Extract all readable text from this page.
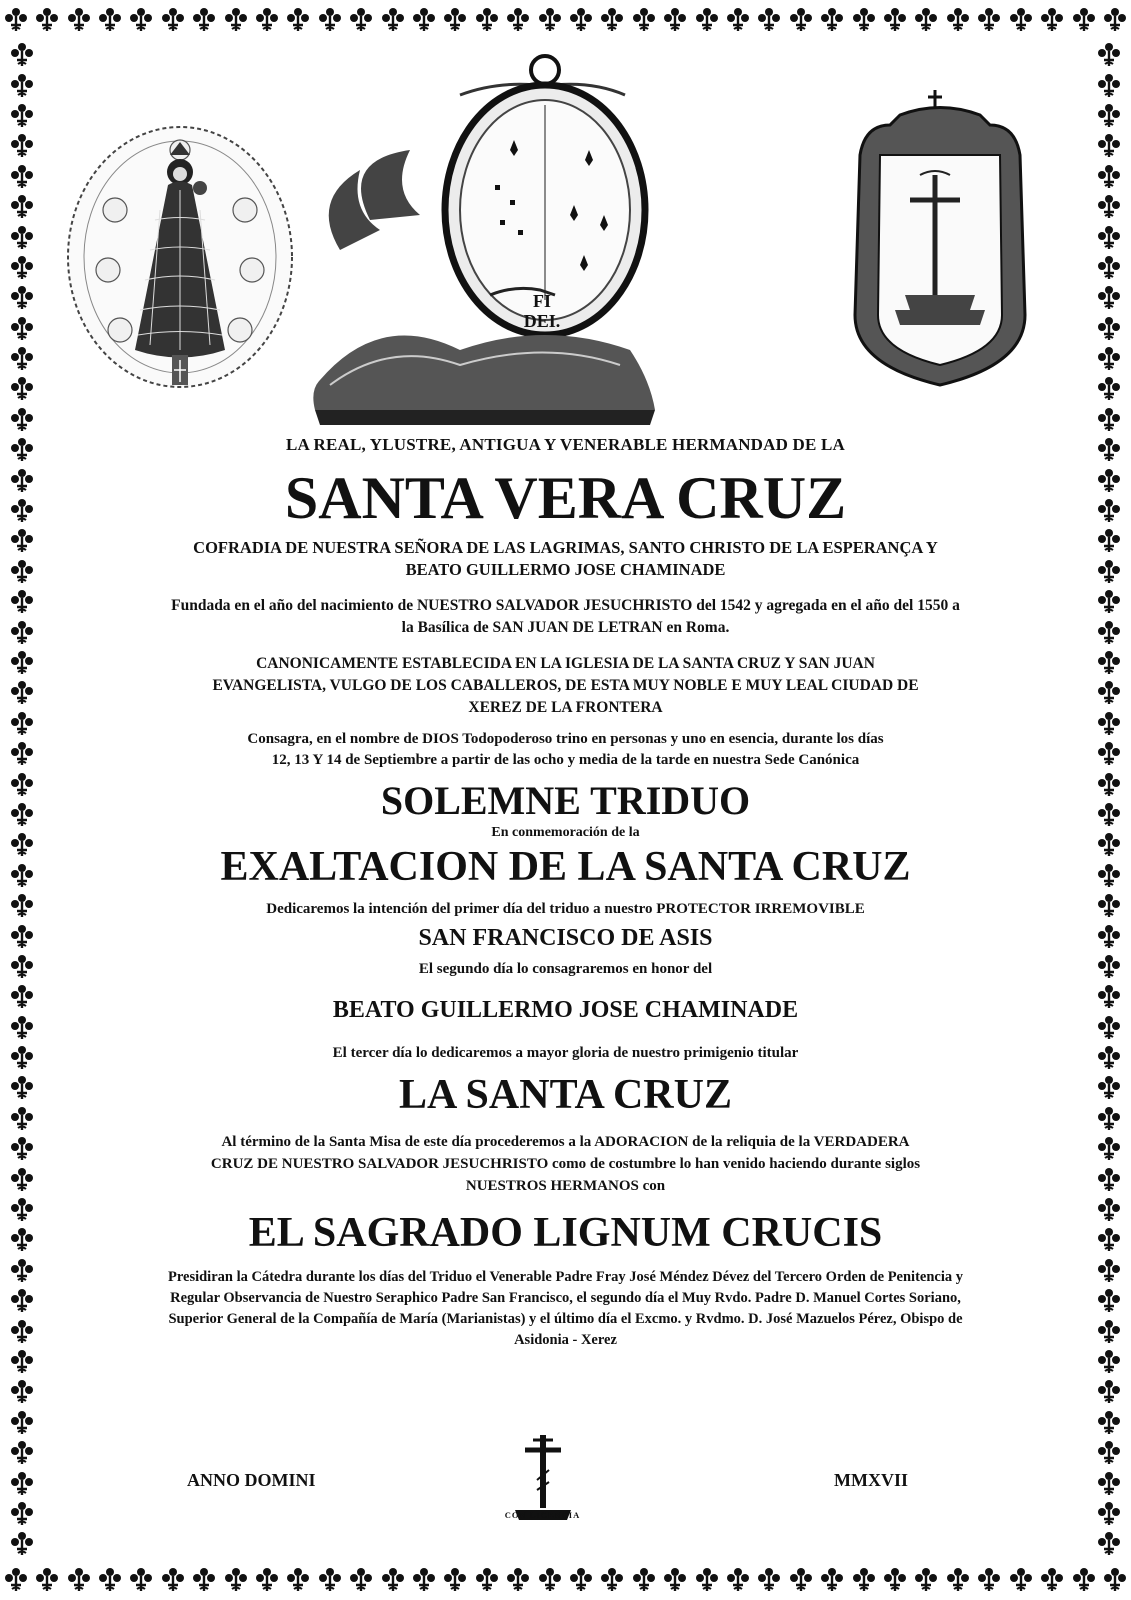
FI
DEI.

LA REAL, YLUSTRE, ANTIGUA Y VENERABLE HERMANDAD DE LA

SANTA VERA CRUZ

COFRADIA DE NUESTRA SEÑORA DE LAS LAGRIMAS, SANTO CHRISTO DE LA ESPERANÇA Y
BEATO GUILLERMO JOSE CHAMINADE

Fundada en el año del nacimiento de NUESTRO SALVADOR JESUCHRISTO del 1542 y agregada en el año del 1550 a
la Basílica de SAN JUAN DE LETRAN en Roma.

CANONICAMENTE ESTABLECIDA EN LA IGLESIA DE LA SANTA CRUZ Y SAN JUAN
EVANGELISTA, VULGO DE LOS CABALLEROS, DE ESTA MUY NOBLE E MUY LEAL CIUDAD DE
XEREZ DE LA FRONTERA

Consagra, en el nombre de DIOS Todopoderoso trino en personas y uno en esencia, durante los días
12, 13 Y 14 de Septiembre a partir de las ocho y media de la tarde en nuestra Sede Canónica

SOLEMNE TRIDUO

En conmemoración de la

EXALTACION DE LA SANTA CRUZ

Dedicaremos la intención del primer día del triduo a nuestro PROTECTOR IRREMOVIBLE

SAN FRANCISCO DE ASIS

El segundo día lo consagraremos en honor del

BEATO GUILLERMO JOSE CHAMINADE

El tercer día lo dedicaremos a mayor gloria de nuestro primigenio titular

LA SANTA CRUZ

Al término de la Santa Misa de este día procederemos a la ADORACION de la reliquia de la VERDADERA
CRUZ DE NUESTRO SALVADOR JESUCHRISTO como de costumbre lo han venido haciendo durante siglos
NUESTROS HERMANOS con

EL SAGRADO LIGNUM CRUCIS

Presidiran la Cátedra durante los días del Triduo el Venerable Padre Fray José Méndez Dévez del Tercero Orden de Penitencia y
Regular Observancia de Nuestro Seraphico Padre San Francisco, el segundo día el Muy Rvdo. Padre D. Manuel Cortes Soriano,
Superior General de la Compañía de María (Marianistas) y el último día el Excmo. y Rvdmo. D. José Mazuelos Pérez, Obispo de
Asidonia - Xerez

ANNO DOMINI
CON LICENCIA
MMXVII
